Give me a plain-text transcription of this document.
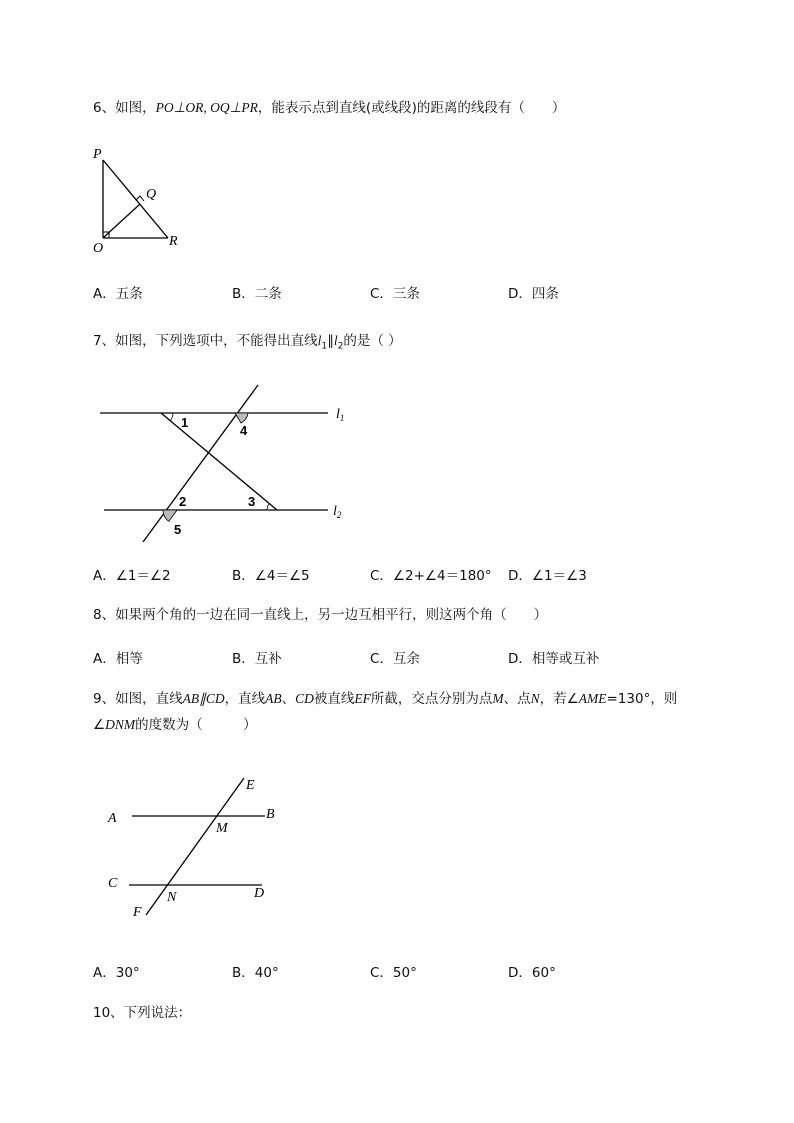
6、如图，PO⊥OR, OQ⊥PR，能表示点到直线(或线段)的距离的线段有（　　）
P
Q
O	R
A．五条	B．二条	C．三条	D．四条
7、如图，下列选项中，不能得出直线$l_1\parallel l_2$的是（ ）
1
4
2	3
5
$l_1$
$l_2$
A．∠1＝∠2	B．∠4＝∠5	C．∠2+∠4＝180° D．∠1＝∠3
8、如果两个角的一边在同一直线上，另一边互相平行，则这两个角（　　）
A．相等	B．互补	C．互余	D．相等或互补
9、如图，直线AB∥CD，直线AB、CD被直线EF所截，交点分别为点M、点N，若∠AME=130°，则
∠DNM的度数为（　　　）
A	B
C
D
E
F
M
N
A．30°	B．40°	C．50°	D．60°
10、下列说法：
